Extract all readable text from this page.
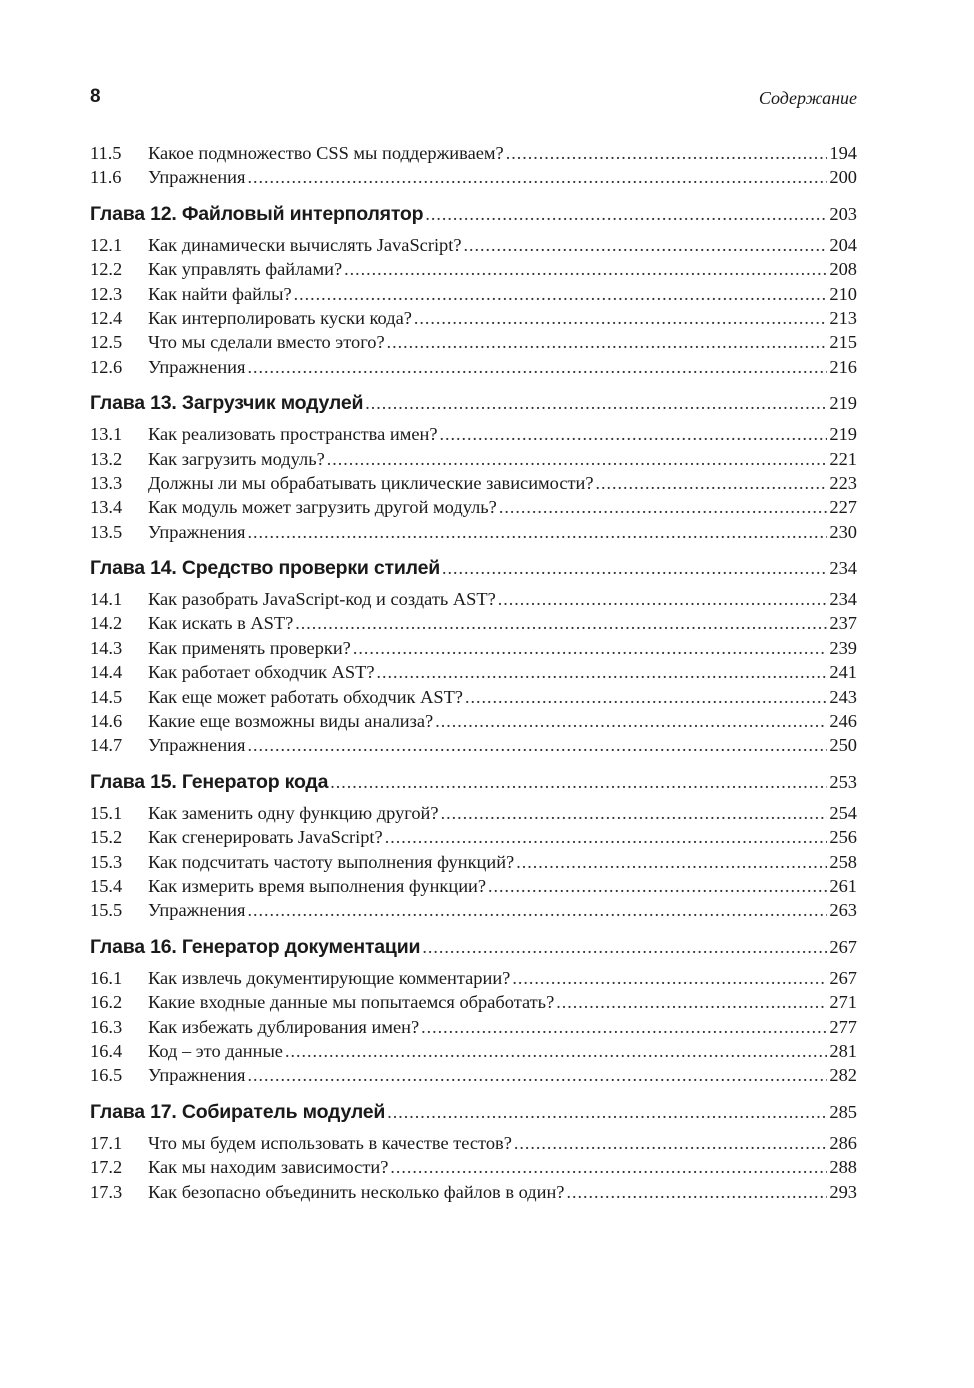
8	Содержание
11.5	Какое подмножество CSS мы поддерживаем? .....	194
11.6	Упражнения .....	200
Глава 12. Файловый интерполятор .....	203
12.1	Как динамически вычислять JavaScript? .....	204
12.2	Как управлять файлами? .....	208
12.3	Как найти файлы? .....	210
12.4	Как интерполировать куски кода? .....	213
12.5	Что мы сделали вместо этого? .....	215
12.6	Упражнения .....	216
Глава 13. Загрузчик модулей .....	219
13.1	Как реализовать пространства имен? .....	219
13.2	Как загрузить модуль? .....	221
13.3	Должны ли мы обрабатывать циклические зависимости? .....	223
13.4	Как модуль может загрузить другой модуль? .....	227
13.5	Упражнения .....	230
Глава 14. Средство проверки стилей .....	234
14.1	Как разобрать JavaScript-код и создать AST? .....	234
14.2	Как искать в AST? .....	237
14.3	Как применять проверки? .....	239
14.4	Как работает обходчик AST? .....	241
14.5	Как еще может работать обходчик AST? .....	243
14.6	Какие еще возможны виды анализа? .....	246
14.7	Упражнения .....	250
Глава 15. Генератор кода .....	253
15.1	Как заменить одну функцию другой? .....	254
15.2	Как сгенерировать JavaScript? .....	256
15.3	Как подсчитать частоту выполнения функций? .....	258
15.4	Как измерить время выполнения функции? .....	261
15.5	Упражнения .....	263
Глава 16. Генератор документации .....	267
16.1	Как извлечь документирующие комментарии? .....	267
16.2	Какие входные данные мы попытаемся обработать? .....	271
16.3	Как избежать дублирования имен? .....	277
16.4	Код – это данные .....	281
16.5	Упражнения .....	282
Глава 17. Собиратель модулей .....	285
17.1	Что мы будем использовать в качестве тестов? .....	286
17.2	Как мы находим зависимости? .....	288
17.3	Как безопасно объединить несколько файлов в один? .....	293
